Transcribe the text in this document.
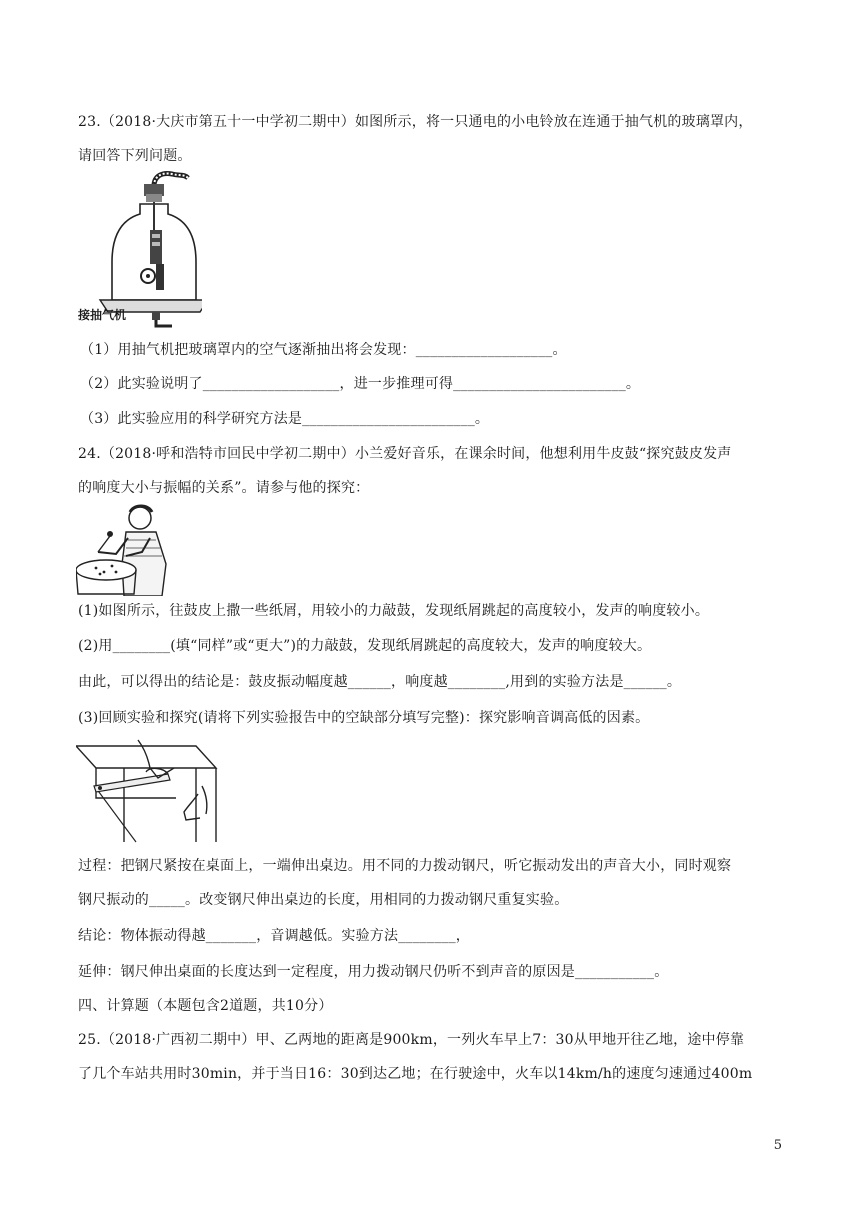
23.（2018·大庆市第五十一中学初二期中）如图所示，将一只通电的小电铃放在连通于抽气机的玻璃罩内，
请回答下列问题。
接抽气机
（1）用抽气机把玻璃罩内的空气逐渐抽出将会发现：___________________。
（2）此实验说明了___________________，进一步推理可得________________________。
（3）此实验应用的科学研究方法是________________________。
24.（2018·呼和浩特市回民中学初二期中）小兰爱好音乐，在课余时间，他想利用牛皮鼓“探究鼓皮发声
的响度大小与振幅的关系”。请参与他的探究：
(1)如图所示，往鼓皮上撒一些纸屑，用较小的力敲鼓，发现纸屑跳起的高度较小，发声的响度较小。
(2)用________(填“同样”或“更大”)的力敲鼓，发现纸屑跳起的高度较大，发声的响度较大。
由此，可以得出的结论是：鼓皮振动幅度越______，响度越________,用到的实验方法是______。
(3)回顾实验和探究(请将下列实验报告中的空缺部分填写完整)：探究影响音调高低的因素。
过程：把钢尺紧按在桌面上，一端伸出桌边。用不同的力拨动钢尺，听它振动发出的声音大小，同时观察
钢尺振动的_____。改变钢尺伸出桌边的长度，用相同的力拨动钢尺重复实验。
结论：物体振动得越_______，音调越低。实验方法________，
延伸：钢尺伸出桌面的长度达到一定程度，用力拨动钢尺仍听不到声音的原因是___________。
四、计算题（本题包含2道题，共10分）
25.（2018·广西初二期中）甲、乙两地的距离是900km，一列火车早上7：30从甲地开往乙地，途中停靠
了几个车站共用时30min，并于当日16：30到达乙地；在行驶途中，火车以14km/h的速度匀速通过400m
5
